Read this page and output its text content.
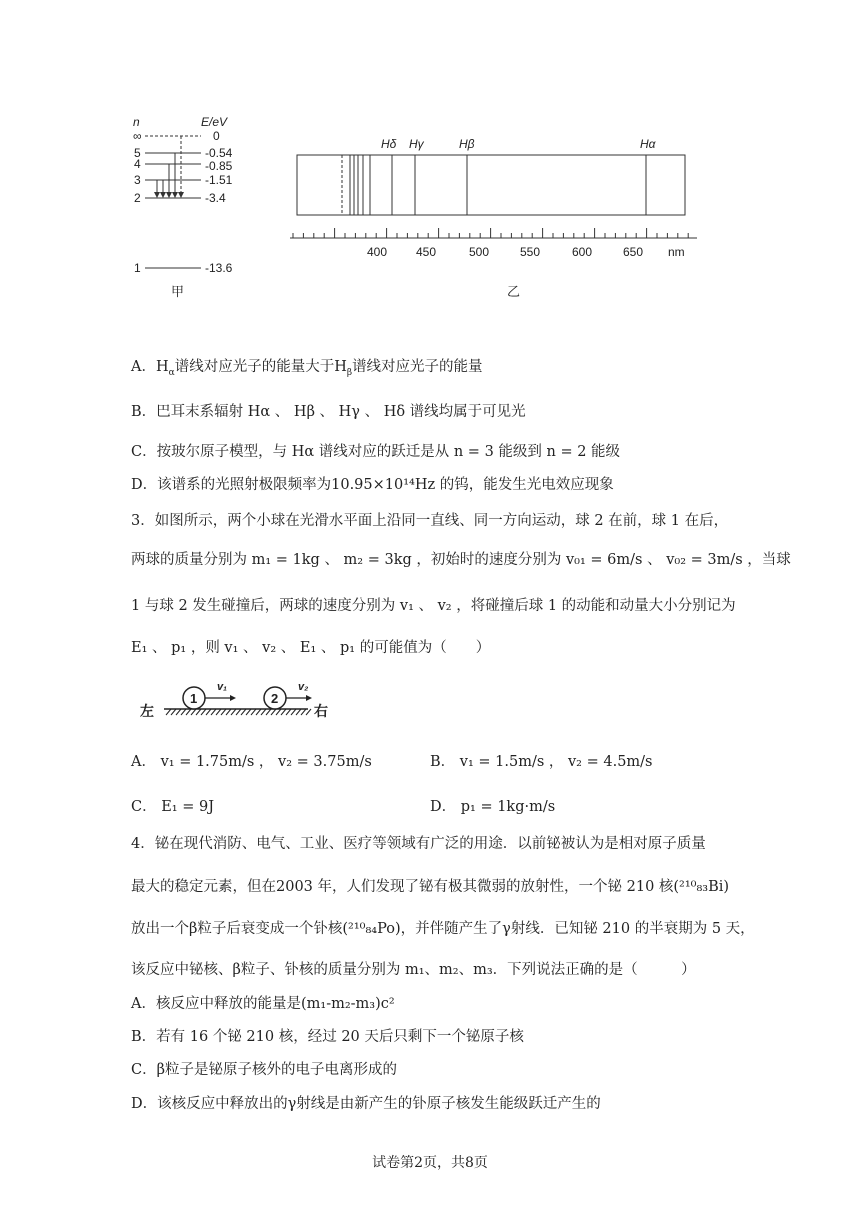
n	E/eV
∞
5
4
3
2
1
0
-0.54
-0.85
-1.51
-3.4
-13.6
甲
Hδ Hγ	Hβ	Hα
400 450	500	550	600	650 nm
乙
A．$H_\alpha$谱线对应光子的能量大于$H_\beta$谱线对应光子的能量
B．巴耳末系辐射 Hα 、 Hβ 、 Hγ 、 Hδ 谱线均属于可见光
C．按玻尔原子模型，与 Hα 谱线对应的跃迁是从 n = 3 能级到 n = 2 能级
D．该谱系的光照射极限频率为10.95×10¹⁴Hz 的钨，能发生光电效应现象
3．如图所示，两个小球在光滑水平面上沿同一直线、同一方向运动，球 2 在前，球 1 在后，
两球的质量分别为 m₁ = 1kg 、 m₂ = 3kg ，初始时的速度分别为 v₀₁ = 6m/s 、 v₀₂ = 3m/s ，当球
1 与球 2 发生碰撞后，两球的速度分别为 v₁ 、 v₂ ，将碰撞后球 1 的动能和动量大小分别记为
E₁ 、 p₁ ，则 v₁ 、 v₂ 、 E₁ 、 p₁ 的可能值为（　　）
左
1
v₁
2
v₂
右
A． v₁ = 1.75m/s ， v₂ = 3.75m/s	B． v₁ = 1.5m/s ， v₂ = 4.5m/s
C． E₁ = 9J	D． p₁ = 1kg·m/s
4．铋在现代消防、电气、工业、医疗等领域有广泛的用途．以前铋被认为是相对原子质量
最大的稳定元素，但在2003 年，人们发现了铋有极其微弱的放射性，一个铋 210 核(²¹⁰₈₃Bi)
放出一个β粒子后衰变成一个钋核(²¹⁰₈₄Po)，并伴随产生了γ射线．已知铋 210 的半衰期为 5 天，
该反应中铋核、β粒子、钋核的质量分别为 m₁、m₂、m₃．下列说法正确的是（　　　）
A．核反应中释放的能量是(m₁-m₂-m₃)c²
B．若有 16 个铋 210 核，经过 20 天后只剩下一个铋原子核
C．β粒子是铋原子核外的电子电离形成的
D．该核反应中释放出的γ射线是由新产生的钋原子核发生能级跃迁产生的
试卷第2页，共8页
